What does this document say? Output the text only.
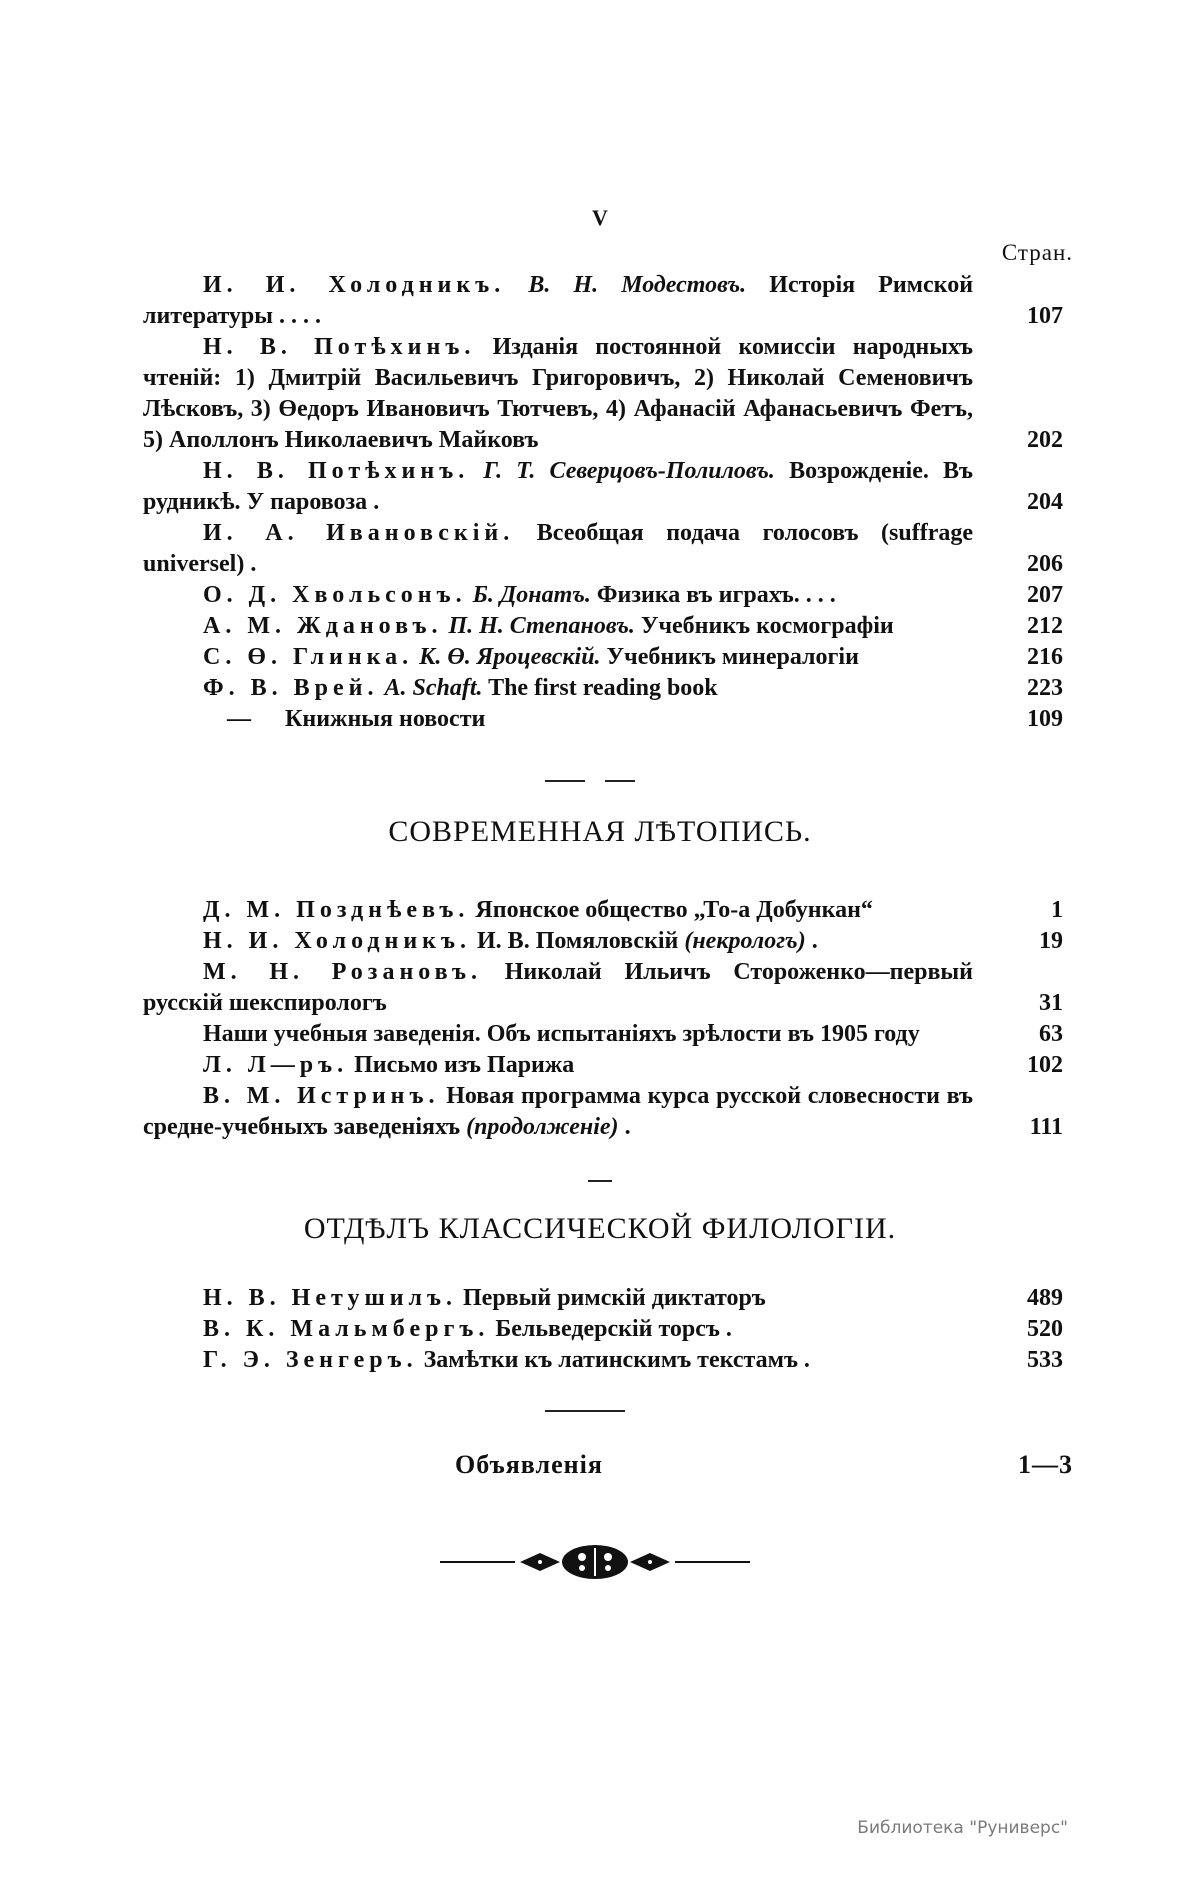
V
Стран.
И. И. Холодникъ. В. Н. Модестовъ. Исторія Римской литературы . . . .	107
Н. В. Потѣхинъ. Изданія постоянной комиссіи народныхъ чтеній: 1) Дмитрій Васильевичъ Григоровичъ, 2) Николай Семеновичъ Лѣсковъ, 3) Өедоръ Ивановичъ Тютчевъ, 4) Афанасій Афанасьевичъ Фетъ, 5) Аполлонъ Николаевичъ Майковъ	202
Н. В. Потѣхинъ. Г. Т. Северцовъ-Полиловъ. Возрожденіе. Въ рудникѣ. У паровоза .	204
И. А. Ивановскій. Всеобщая подача голосовъ (suffrage universel) .	206
О. Д. Хвольсонъ. Б. Донатъ. Физика въ играхъ. . . .	207
А. М. Ждановъ. П. Н. Степановъ. Учебникъ космографіи	212
С. Ө. Глинка. К. Ө. Яроцевскій. Учебникъ минералогіи	216
Ф. В. Врей. A. Schaft. The first reading book	223
— Книжныя новости	109
СОВРЕМЕННАЯ ЛѢТОПИСЬ.
Д. М. Позднѣевъ. Японское общество „То-а Добункан“	1
Н. И. Холодникъ. И. В. Помяловскій (некрологъ) .	19
М. Н. Розановъ. Николай Ильичъ Стороженко—первый русскій шекспирологъ	31
Наши учебныя заведенія. Объ испытаніяхъ зрѣлости въ 1905 году	63
Л. Л—ръ. Письмо изъ Парижа	102
В. М. Истринъ. Новая программа курса русской словесности въ средне-учебныхъ заведеніяхъ (продолженіе) .	111
ОТДѢЛЪ КЛАССИЧЕСКОЙ ФИЛОЛОГІИ.
Н. В. Нетушилъ. Первый римскій диктаторъ	489
В. К. Мальмбергъ. Бельведерскій торсъ .	520
Г. Э. Зенгеръ. Замѣтки къ латинскимъ текстамъ .	533
Объявленія	1—3
Библиотека "Руниверс"
